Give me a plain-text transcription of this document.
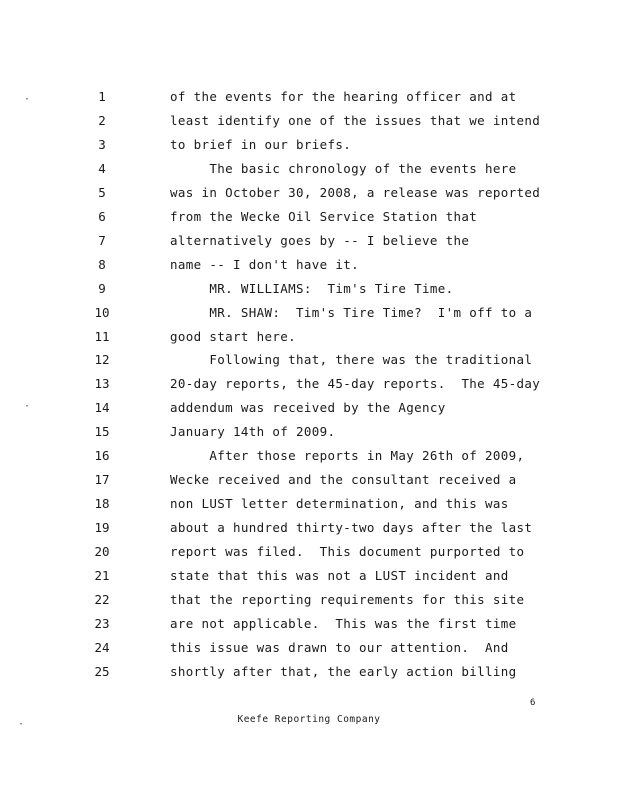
1	of the events for the hearing officer and at
2	least identify one of the issues that we intend
3	to brief in our briefs.
4	The basic chronology of the events here
5	was in October 30, 2008, a release was reported
6	from the Wecke Oil Service Station that
7	alternatively goes by -- I believe the
8	name -- I don't have it.
9	MR. WILLIAMS:  Tim's Tire Time.
10	MR. SHAW:  Tim's Tire Time?  I'm off to a
11	good start here.
12	Following that, there was the traditional
13	20-day reports, the 45-day reports.  The 45-day
14	addendum was received by the Agency
15	January 14th of 2009.
16	After those reports in May 26th of 2009,
17	Wecke received and the consultant received a
18	non LUST letter determination, and this was
19	about a hundred thirty-two days after the last
20	report was filed.  This document purported to
21	state that this was not a LUST incident and
22	that the reporting requirements for this site
23	are not applicable.  This was the first time
24	this issue was drawn to our attention.  And
25	shortly after that, the early action billing
·
·
·
6
Keefe Reporting Company
